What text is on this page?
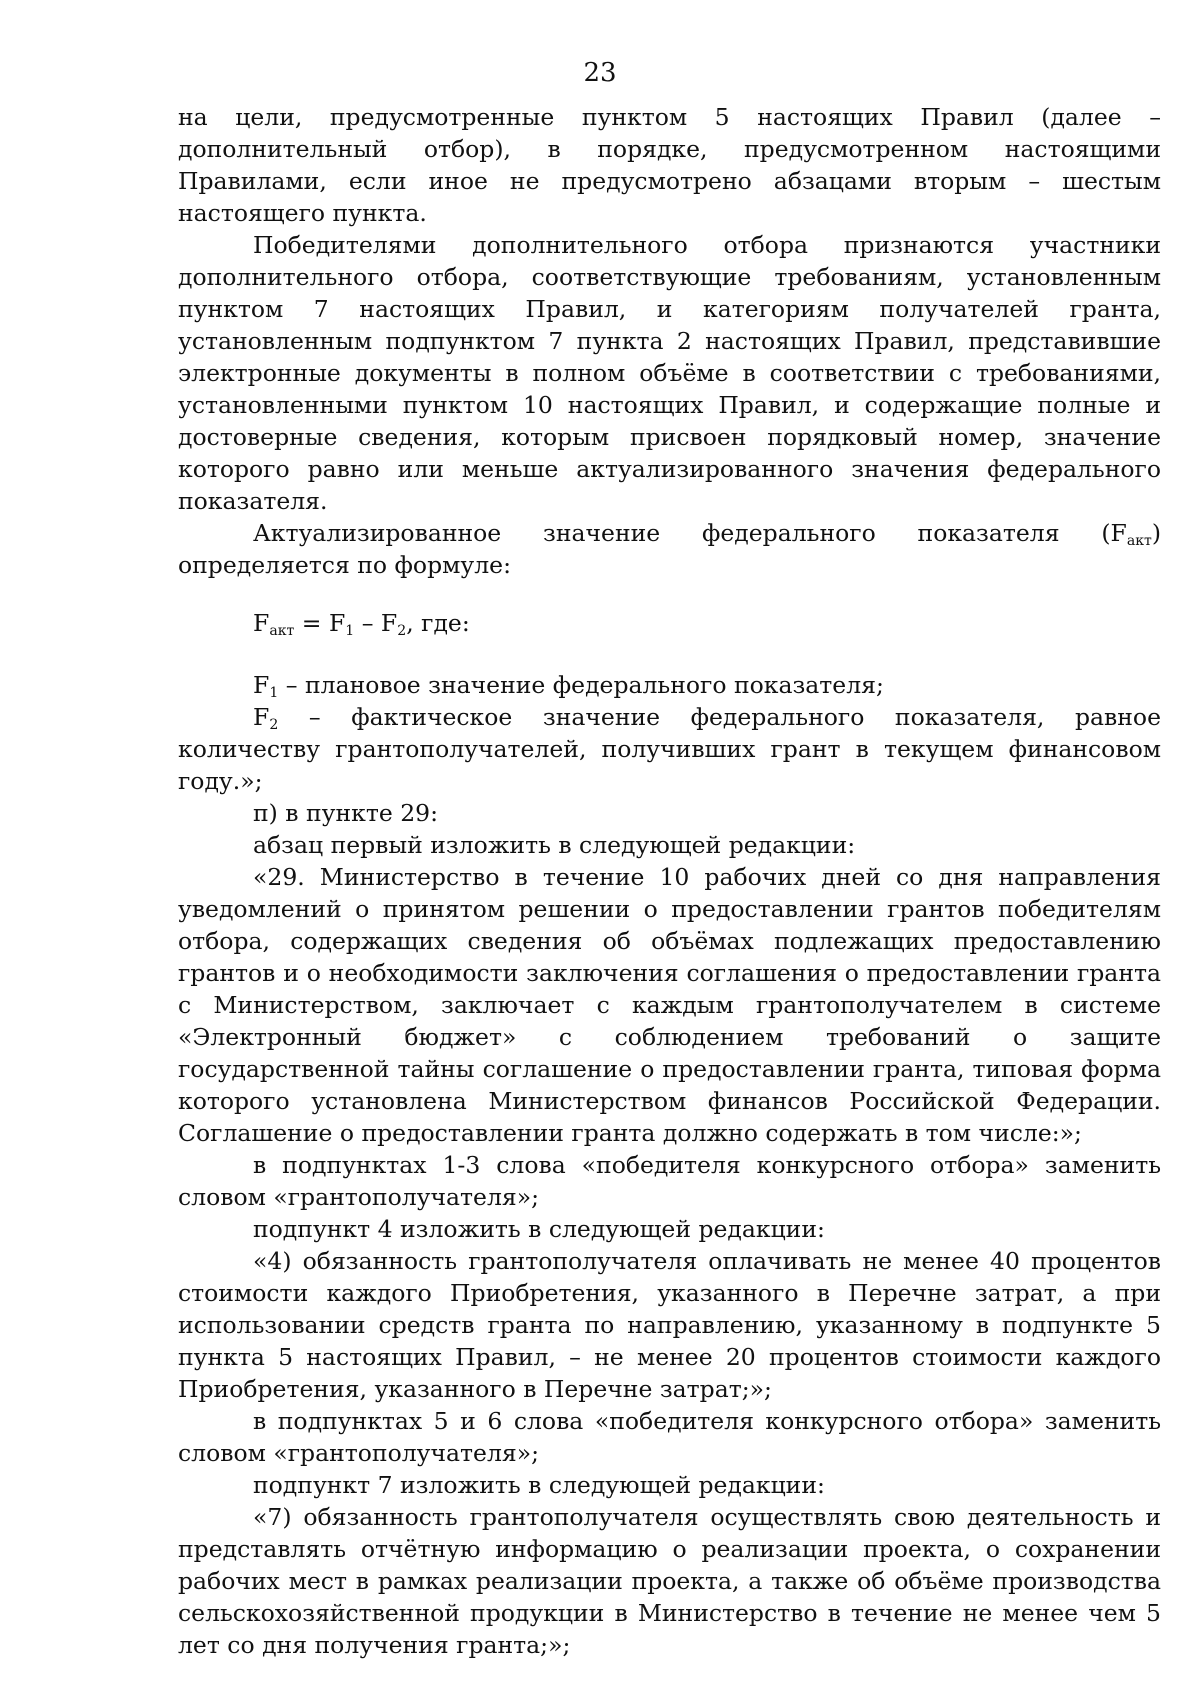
23

на цели, предусмотренные пунктом 5 настоящих Правил (далее – дополнительный отбор), в порядке, предусмотренном настоящими Правилами, если иное не предусмотрено абзацами вторым – шестым настоящего пункта.

Победителями дополнительного отбора признаются участники дополнительного отбора, соответствующие требованиям, установленным пунктом 7 настоящих Правил, и категориям получателей гранта, установленным подпунктом 7 пункта 2 настоящих Правил, представившие электронные документы в полном объёме в соответствии с требованиями, установленными пунктом 10 настоящих Правил, и содержащие полные и достоверные сведения, которым присвоен порядковый номер, значение которого равно или меньше актуализированного значения федерального показателя.

Актуализированное значение федерального показателя $(F_{акт})$ определяется по формуле:

$F_{акт} = F_1 - F_2$, где:

$F_1$ – плановое значение федерального показателя;

$F_2$ – фактическое значение федерального показателя, равное количеству грантополучателей, получивших грант в текущем финансовом году.»;

п) в пункте 29:

абзац первый изложить в следующей редакции:

«29. Министерство в течение 10 рабочих дней со дня направления уведомлений о принятом решении о предоставлении грантов победителям отбора, содержащих сведения об объёмах подлежащих предоставлению грантов и о необходимости заключения соглашения о предоставлении гранта с Министерством, заключает с каждым грантополучателем в системе «Электронный бюджет» с соблюдением требований о защите государственной тайны соглашение о предоставлении гранта, типовая форма которого установлена Министерством финансов Российской Федерации. Соглашение о предоставлении гранта должно содержать в том числе:»;

в подпунктах 1-3 слова «победителя конкурсного отбора» заменить словом «грантополучателя»;

подпункт 4 изложить в следующей редакции:

«4) обязанность грантополучателя оплачивать не менее 40 процентов стоимости каждого Приобретения, указанного в Перечне затрат, а при использовании средств гранта по направлению, указанному в подпункте 5 пункта 5 настоящих Правил, – не менее 20 процентов стоимости каждого Приобретения, указанного в Перечне затрат;»;

в подпунктах 5 и 6 слова «победителя конкурсного отбора» заменить словом «грантополучателя»;

подпункт 7 изложить в следующей редакции:

«7) обязанность грантополучателя осуществлять свою деятельность и представлять отчётную информацию о реализации проекта, о сохранении рабочих мест в рамках реализации проекта, а также об объёме производства сельскохозяйственной продукции в Министерство в течение не менее чем 5 лет со дня получения гранта;»;
